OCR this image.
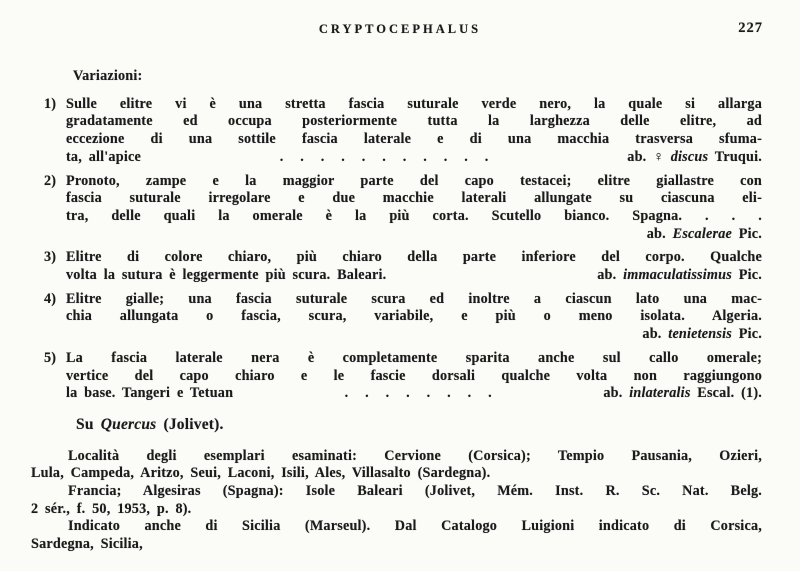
CRYPTOCEPHALUS	227
Variazioni:
1) Sulle elitre vi è una stretta fascia suturale verde nero, la quale si allarga
gradatamente ed occupa posteriormente tutta la larghezza delle elitre, ad
eccezione di una sottile fascia laterale e di una macchia trasversa sfuma-
ta, all'apice	. . . . . . . . . . .	ab. ♀ discus Truqui.
2) Pronoto, zampe e la maggior parte del capo testacei; elitre giallastre con
fascia suturale irregolare e due macchie laterali allungate su ciascuna eli-
tra, delle quali la omerale è la più corta. Scutello bianco. Spagna. . . .
ab. Escalerae Pic.
3) Elitre di colore chiaro, più chiaro della parte inferiore del corpo. Qualche
volta la sutura è leggermente più scura. Baleari.	ab. immaculatissimus Pic.
4) Elitre gialle; una fascia suturale scura ed inoltre a ciascun lato una mac-
chia allungata o fascia, scura, variabile, e più o meno isolata. Algeria.
ab. tenietensis Pic.
5) La fascia laterale nera è completamente sparita anche sul callo omerale;
vertice del capo chiaro e le fascie dorsali qualche volta non raggiungono
la base. Tangeri e Tetuan	. . . . . . . .	ab. inlateralis Escal. (1).
Su Quercus (Jolivet).
Località degli esemplari esaminati: Cervione (Corsica); Tempio Pausania, Ozieri,
Lula, Campeda, Aritzo, Seui, Laconi, Isili, Ales, Villasalto (Sardegna).
Francia; Algesiras (Spagna): Isole Baleari (Jolivet, Mém. Inst. R. Sc. Nat. Belg.
2 sér., f. 50, 1953, p. 8).
Indicato anche di Sicilia (Marseul). Dal Catalogo Luigioni indicato di Corsica,
Sardegna, Sicilia,
